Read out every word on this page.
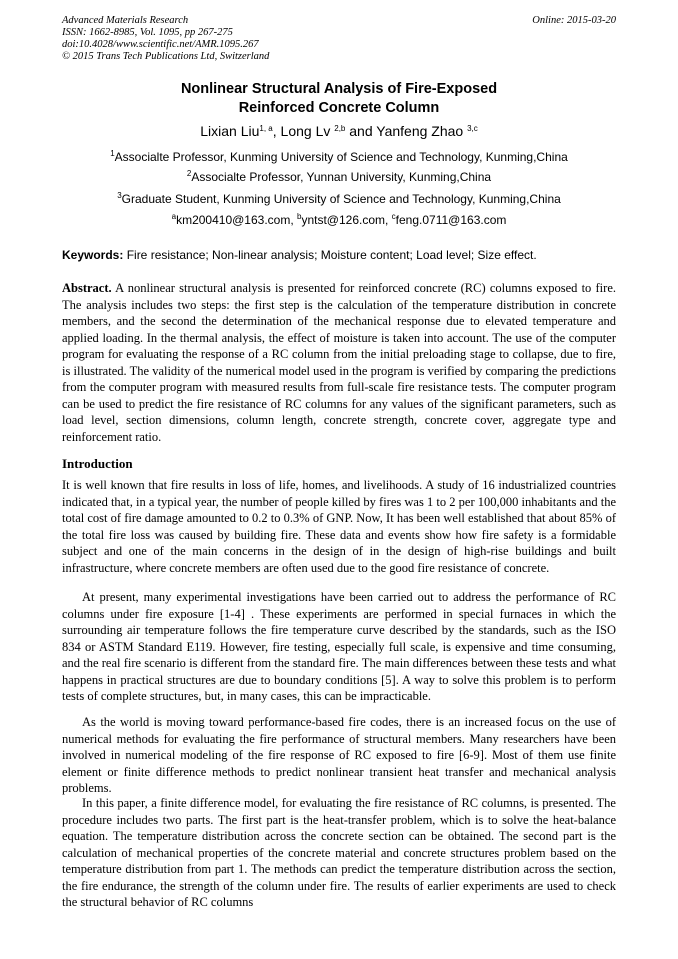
Advanced Materials Research
ISSN: 1662-8985, Vol. 1095, pp 267-275
doi:10.4028/www.scientific.net/AMR.1095.267
© 2015 Trans Tech Publications Ltd, Switzerland
Online: 2015-03-20
Nonlinear Structural Analysis of Fire-Exposed
Reinforced Concrete Column
Lixian Liu$^{1, a}$, Long Lv $^{2,b}$ and Yanfeng Zhao $^{3,c}$
$^1$Associalte Professor, Kunming University of Science and Technology, Kunming,China
$^2$Associalte Professor, Yunnan University, Kunming,China
$^3$Graduate Student, Kunming University of Science and Technology, Kunming,China
$^a$km200410@163.com, $^b$yntst@126.com, $^c$feng.0711@163.com
Keywords: Fire resistance; Non-linear analysis; Moisture content; Load level; Size effect.
Abstract. A nonlinear structural analysis is presented for reinforced concrete (RC) columns exposed to fire. The analysis includes two steps: the first step is the calculation of the temperature distribution in concrete members, and the second the determination of the mechanical response due to elevated temperature and applied loading. In the thermal analysis, the effect of moisture is taken into account. The use of the computer program for evaluating the response of a RC column from the initial preloading stage to collapse, due to fire, is illustrated. The validity of the numerical model used in the program is verified by comparing the predictions from the computer program with measured results from full-scale fire resistance tests. The computer program can be used to predict the fire resistance of RC columns for any values of the significant parameters, such as load level, section dimensions, column length, concrete strength, concrete cover, aggregate type and reinforcement ratio.
Introduction
It is well known that fire results in loss of life, homes, and livelihoods. A study of 16 industrialized countries indicated that, in a typical year, the number of people killed by fires was 1 to 2 per 100,000 inhabitants and the total cost of fire damage amounted to 0.2 to 0.3% of GNP. Now, It has been well established that about 85% of the total fire loss was caused by building fire. These data and events show how fire safety is a formidable subject and one of the main concerns in the design of in the design of high-rise buildings and built infrastructure, where concrete members are often used due to the good fire resistance of concrete.
At present, many experimental investigations have been carried out to address the performance of RC columns under fire exposure [1-4] . These experiments are performed in special furnaces in which the surrounding air temperature follows the fire temperature curve described by the standards, such as the ISO 834 or ASTM Standard E119. However, fire testing, especially full scale, is expensive and time consuming, and the real fire scenario is different from the standard fire. The main differences between these tests and what happens in practical structures are due to boundary conditions [5]. A way to solve this problem is to perform tests of complete structures, but, in many cases, this can be impracticable.
As the world is moving toward performance-based fire codes, there is an increased focus on the use of numerical methods for evaluating the fire performance of structural members. Many researchers have been involved in numerical modeling of the fire response of RC exposed to fire [6-9]. Most of them use finite element or finite difference methods to predict nonlinear transient heat transfer and mechanical analysis problems.
In this paper, a finite difference model, for evaluating the fire resistance of RC columns, is presented. The procedure includes two parts. The first part is the heat-transfer problem, which is to solve the heat-balance equation. The temperature distribution across the concrete section can be obtained. The second part is the calculation of mechanical properties of the concrete material and concrete structures problem based on the temperature distribution from part 1. The methods can predict the temperature distribution across the section, the fire endurance, the strength of the column under fire. The results of earlier experiments are used to check the structural behavior of RC columns
